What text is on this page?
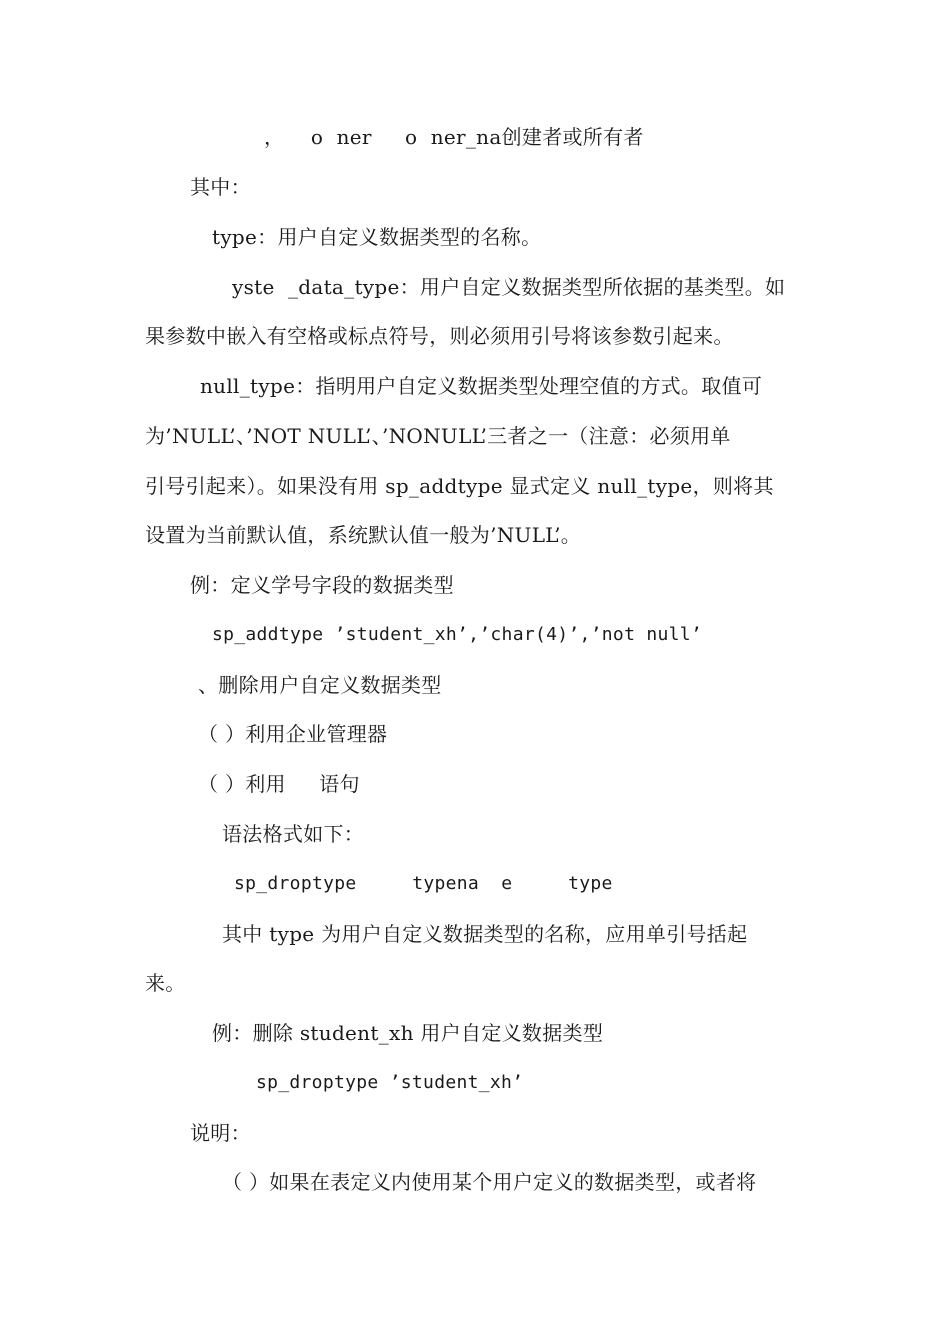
，    o  ner     o  ner_na创建者或所有者
其中：
type：用户自定义数据类型的名称。
yste  _data_type：用户自定义数据类型所依据的基类型。如
果参数中嵌入有空格或标点符号，则必须用引号将该参数引起来。
null_type：指明用户自定义数据类型处理空值的方式。取值可
为’NULL’、’NOT NULL’、’NONULL’三者之一（注意：必须用单
引号引起来）。如果没有用 sp_addtype 显式定义 null_type，则将其
设置为当前默认值，系统默认值一般为’NULL’。
例：定义学号字段的数据类型
sp_addtype ’student_xh’,’char(4)’,’not null’
、删除用户自定义数据类型
（ ）利用企业管理器
（ ）利用     语句
语法格式如下：
sp_droptype     typena  e     type
其中 type 为用户自定义数据类型的名称，应用单引号括起
来。
例：删除 student_xh 用户自定义数据类型
sp_droptype ’student_xh’
说明：
（ ）如果在表定义内使用某个用户定义的数据类型，或者将
